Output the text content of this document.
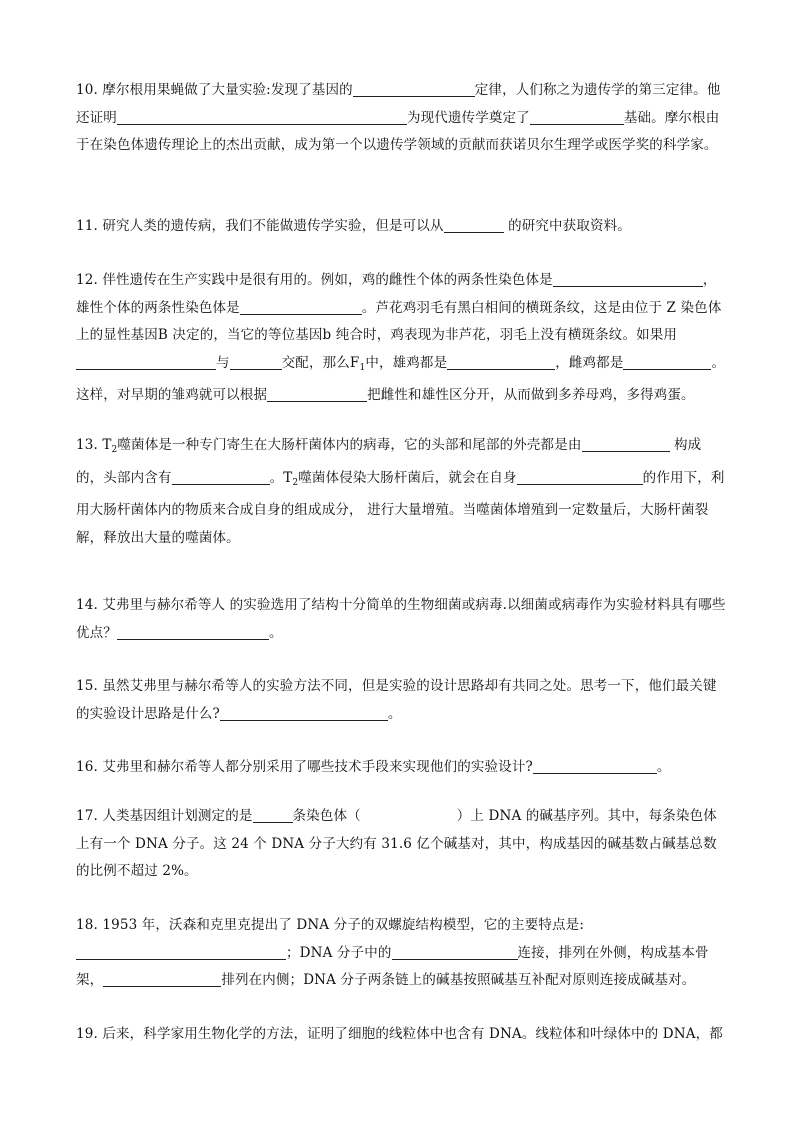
10. 摩尔根用果蝇做了大量实验:发现了基因的	定律，人们称之为遗传学的第三定律。他还证明	为现代遗传学奠定了	基础。摩尔根由于在染色体遗传理论上的杰出贡献，成为第一个以遗传学领域的贡献而获诺贝尔生理学或医学奖的科学家。

11. 研究人类的遗传病，我们不能做遗传学实验，但是可以从	的研究中获取资料。

12. 伴性遗传在生产实践中是很有用的。例如，鸡的雌性个体的两条性染色体是	，雄性个体的两条性染色体是	。芦花鸡羽毛有黑白相间的横斑条纹，这是由位于 Z 染色体上的显性基因B 决定的，当它的等位基因b 纯合时，鸡表现为非芦花，羽毛上没有横斑条纹。如果用与	交配，那么$F_1$中，雄鸡都是	，雌鸡都是	。这样，对早期的雏鸡就可以根据	把雌性和雄性区分开，从而做到多养母鸡，多得鸡蛋。

13. $T_2$噬菌体是一种专门寄生在大肠杆菌体内的病毒，它的头部和尾部的外壳都是由	构成的，头部内含有	。$T_2$噬菌体侵染大肠杆菌后，就会在自身	的作用下，利用大肠杆菌体内的物质来合成自身的组成成分， 进行大量增殖。当噬菌体增殖到一定数量后，大肠杆菌裂解，释放出大量的噬菌体。

14. 艾弗里与赫尔希等人 的实验选用了结构十分简单的生物细菌或病毒.以细菌或病毒作为实验材料具有哪些优点？	。

15. 虽然艾弗里与赫尔希等人的实验方法不同，但是实验的设计思路却有共同之处。思考一下，他们最关键的实验设计思路是什么?	。

16. 艾弗里和赫尔希等人都分别采用了哪些技术手段来实现他们的实验设计?	。

17. 人类基因组计划测定的是	条染色体（	）上 DNA 的碱基序列。其中，每条染色体上有一个 DNA 分子。这 24 个 DNA 分子大约有 31.6 亿个碱基对，其中，构成基因的碱基数占碱基总数的比例不超过 2%。

18. 1953 年，沃森和克里克提出了 DNA 分子的双螺旋结构模型，它的主要特点是:；DNA 分子中的	连接，排列在外侧，构成基本骨架，	排列在内侧；DNA 分子两条链上的碱基按照碱基互补配对原则连接成碱基对。

19. 后来，科学家用生物化学的方法，证明了细胞的线粒体中也含有 DNA。线粒体和叶绿体中的 DNA，都
